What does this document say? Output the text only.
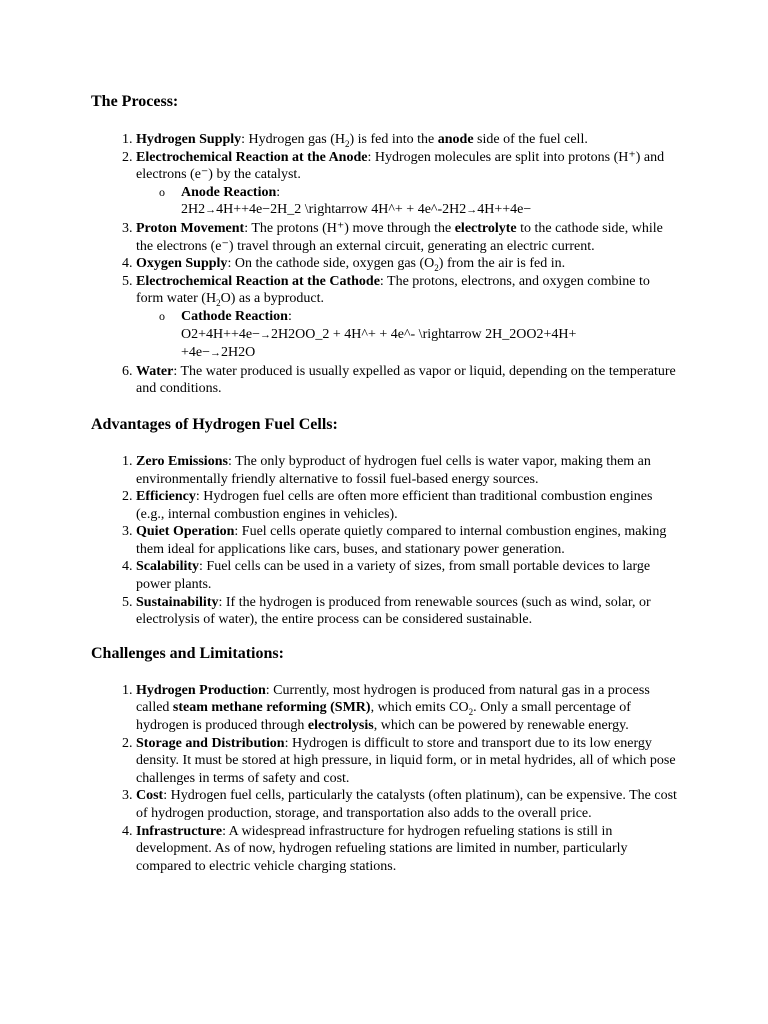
The Process:
1. Hydrogen Supply: Hydrogen gas $(H_2)$ is fed into the anode side of the fuel cell.
2. Electrochemical Reaction at the Anode: Hydrogen molecules are split into protons (H⁺) and electrons (e⁻) by the catalyst.
o Anode Reaction:
2H2→4H++4e−2H_2 \rightarrow 4H^+ + 4e^-2H2→4H++4e−
3. Proton Movement: The protons (H⁺) move through the electrolyte to the cathode side, while the electrons (e⁻) travel through an external circuit, generating an electric current.
4. Oxygen Supply: On the cathode side, oxygen gas $(O_2)$ from the air is fed in.
5. Electrochemical Reaction at the Cathode: The protons, electrons, and oxygen combine to form water $(H_2O)$ as a byproduct.
o Cathode Reaction:
O2+4H++4e−→2H2OO_2 + 4H^+ + 4e^- \rightarrow 2H_2OO2+4H+
+4e−→2H2O
6. Water: The water produced is usually expelled as vapor or liquid, depending on the temperature and conditions.
Advantages of Hydrogen Fuel Cells:
1. Zero Emissions: The only byproduct of hydrogen fuel cells is water vapor, making them an environmentally friendly alternative to fossil fuel-based energy sources.
2. Efficiency: Hydrogen fuel cells are often more efficient than traditional combustion engines (e.g., internal combustion engines in vehicles).
3. Quiet Operation: Fuel cells operate quietly compared to internal combustion engines, making them ideal for applications like cars, buses, and stationary power generation.
4. Scalability: Fuel cells can be used in a variety of sizes, from small portable devices to large power plants.
5. Sustainability: If the hydrogen is produced from renewable sources (such as wind, solar, or electrolysis of water), the entire process can be considered sustainable.
Challenges and Limitations:
1. Hydrogen Production: Currently, most hydrogen is produced from natural gas in a process called steam methane reforming (SMR), which emits $CO_2$. Only a small percentage of hydrogen is produced through electrolysis, which can be powered by renewable energy.
2. Storage and Distribution: Hydrogen is difficult to store and transport due to its low energy density. It must be stored at high pressure, in liquid form, or in metal hydrides, all of which pose challenges in terms of safety and cost.
3. Cost: Hydrogen fuel cells, particularly the catalysts (often platinum), can be expensive. The cost of hydrogen production, storage, and transportation also adds to the overall price.
4. Infrastructure: A widespread infrastructure for hydrogen refueling stations is still in development. As of now, hydrogen refueling stations are limited in number, particularly compared to electric vehicle charging stations.
